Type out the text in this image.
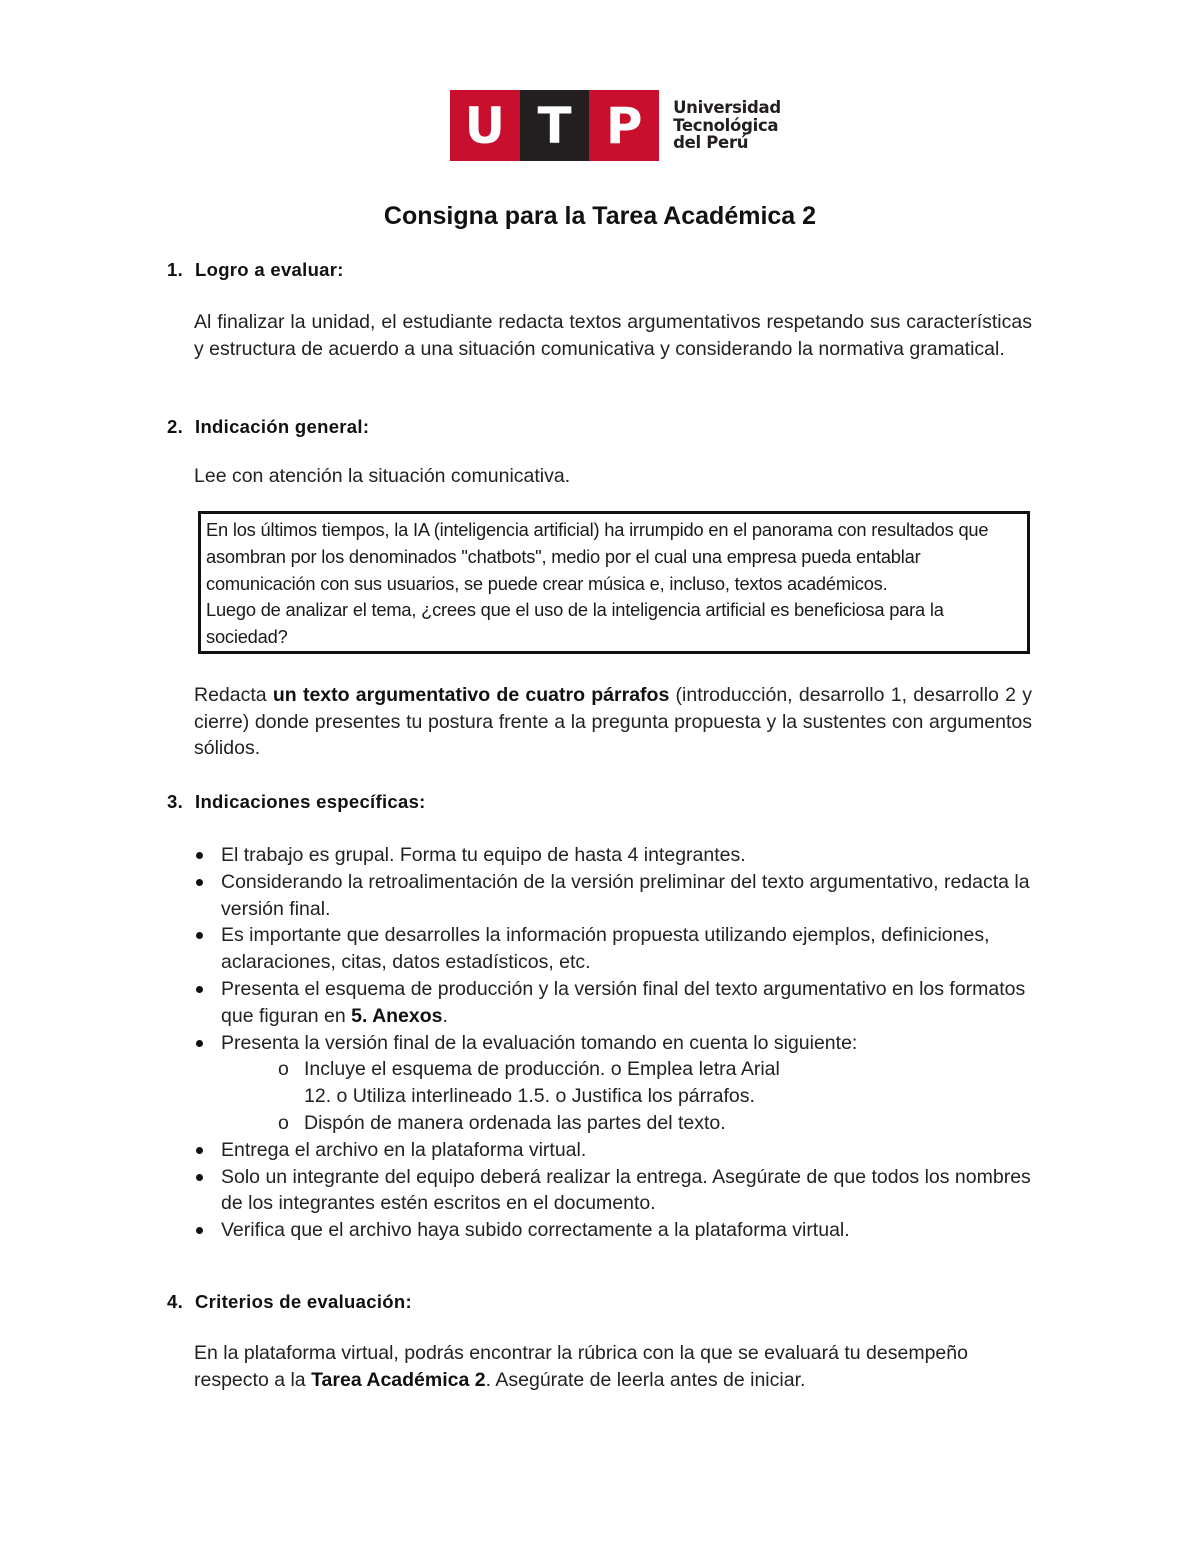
U T P	Universidad
Tecnológica
del Perú
Consigna para la Tarea Académica 2
1. Logro a evaluar:
Al finalizar la unidad, el estudiante redacta textos argumentativos respetando sus características y estructura de acuerdo a una situación comunicativa y considerando la normativa gramatical.
2. Indicación general:
Lee con atención la situación comunicativa.
En los últimos tiempos, la IA (inteligencia artificial) ha irrumpido en el panorama con resultados que asombran por los denominados "chatbots", medio por el cual una empresa pueda entablar comunicación con sus usuarios, se puede crear música e, incluso, textos académicos.
Luego de analizar el tema, ¿crees que el uso de la inteligencia artificial es beneficiosa para la sociedad?
Redacta un texto argumentativo de cuatro párrafos (introducción, desarrollo 1, desarrollo 2 y cierre) donde presentes tu postura frente a la pregunta propuesta y la sustentes con argumentos sólidos.
3. Indicaciones específicas:
El trabajo es grupal. Forma tu equipo de hasta 4 integrantes.
Considerando la retroalimentación de la versión preliminar del texto argumentativo, redacta la versión final.
Es importante que desarrolles la información propuesta utilizando ejemplos, definiciones, aclaraciones, citas, datos estadísticos, etc.
Presenta el esquema de producción y la versión final del texto argumentativo en los formatos que figuran en 5. Anexos.
Presenta la versión final de la evaluación tomando en cuenta lo siguiente:
o Incluye el esquema de producción. o Emplea letra Arial
12. o Utiliza interlineado 1.5. o Justifica los párrafos.
o Dispón de manera ordenada las partes del texto.
Entrega el archivo en la plataforma virtual.
Solo un integrante del equipo deberá realizar la entrega. Asegúrate de que todos los nombres de los integrantes estén escritos en el documento.
Verifica que el archivo haya subido correctamente a la plataforma virtual.
4. Criterios de evaluación:
En la plataforma virtual, podrás encontrar la rúbrica con la que se evaluará tu desempeño respecto a la Tarea Académica 2. Asegúrate de leerla antes de iniciar.
